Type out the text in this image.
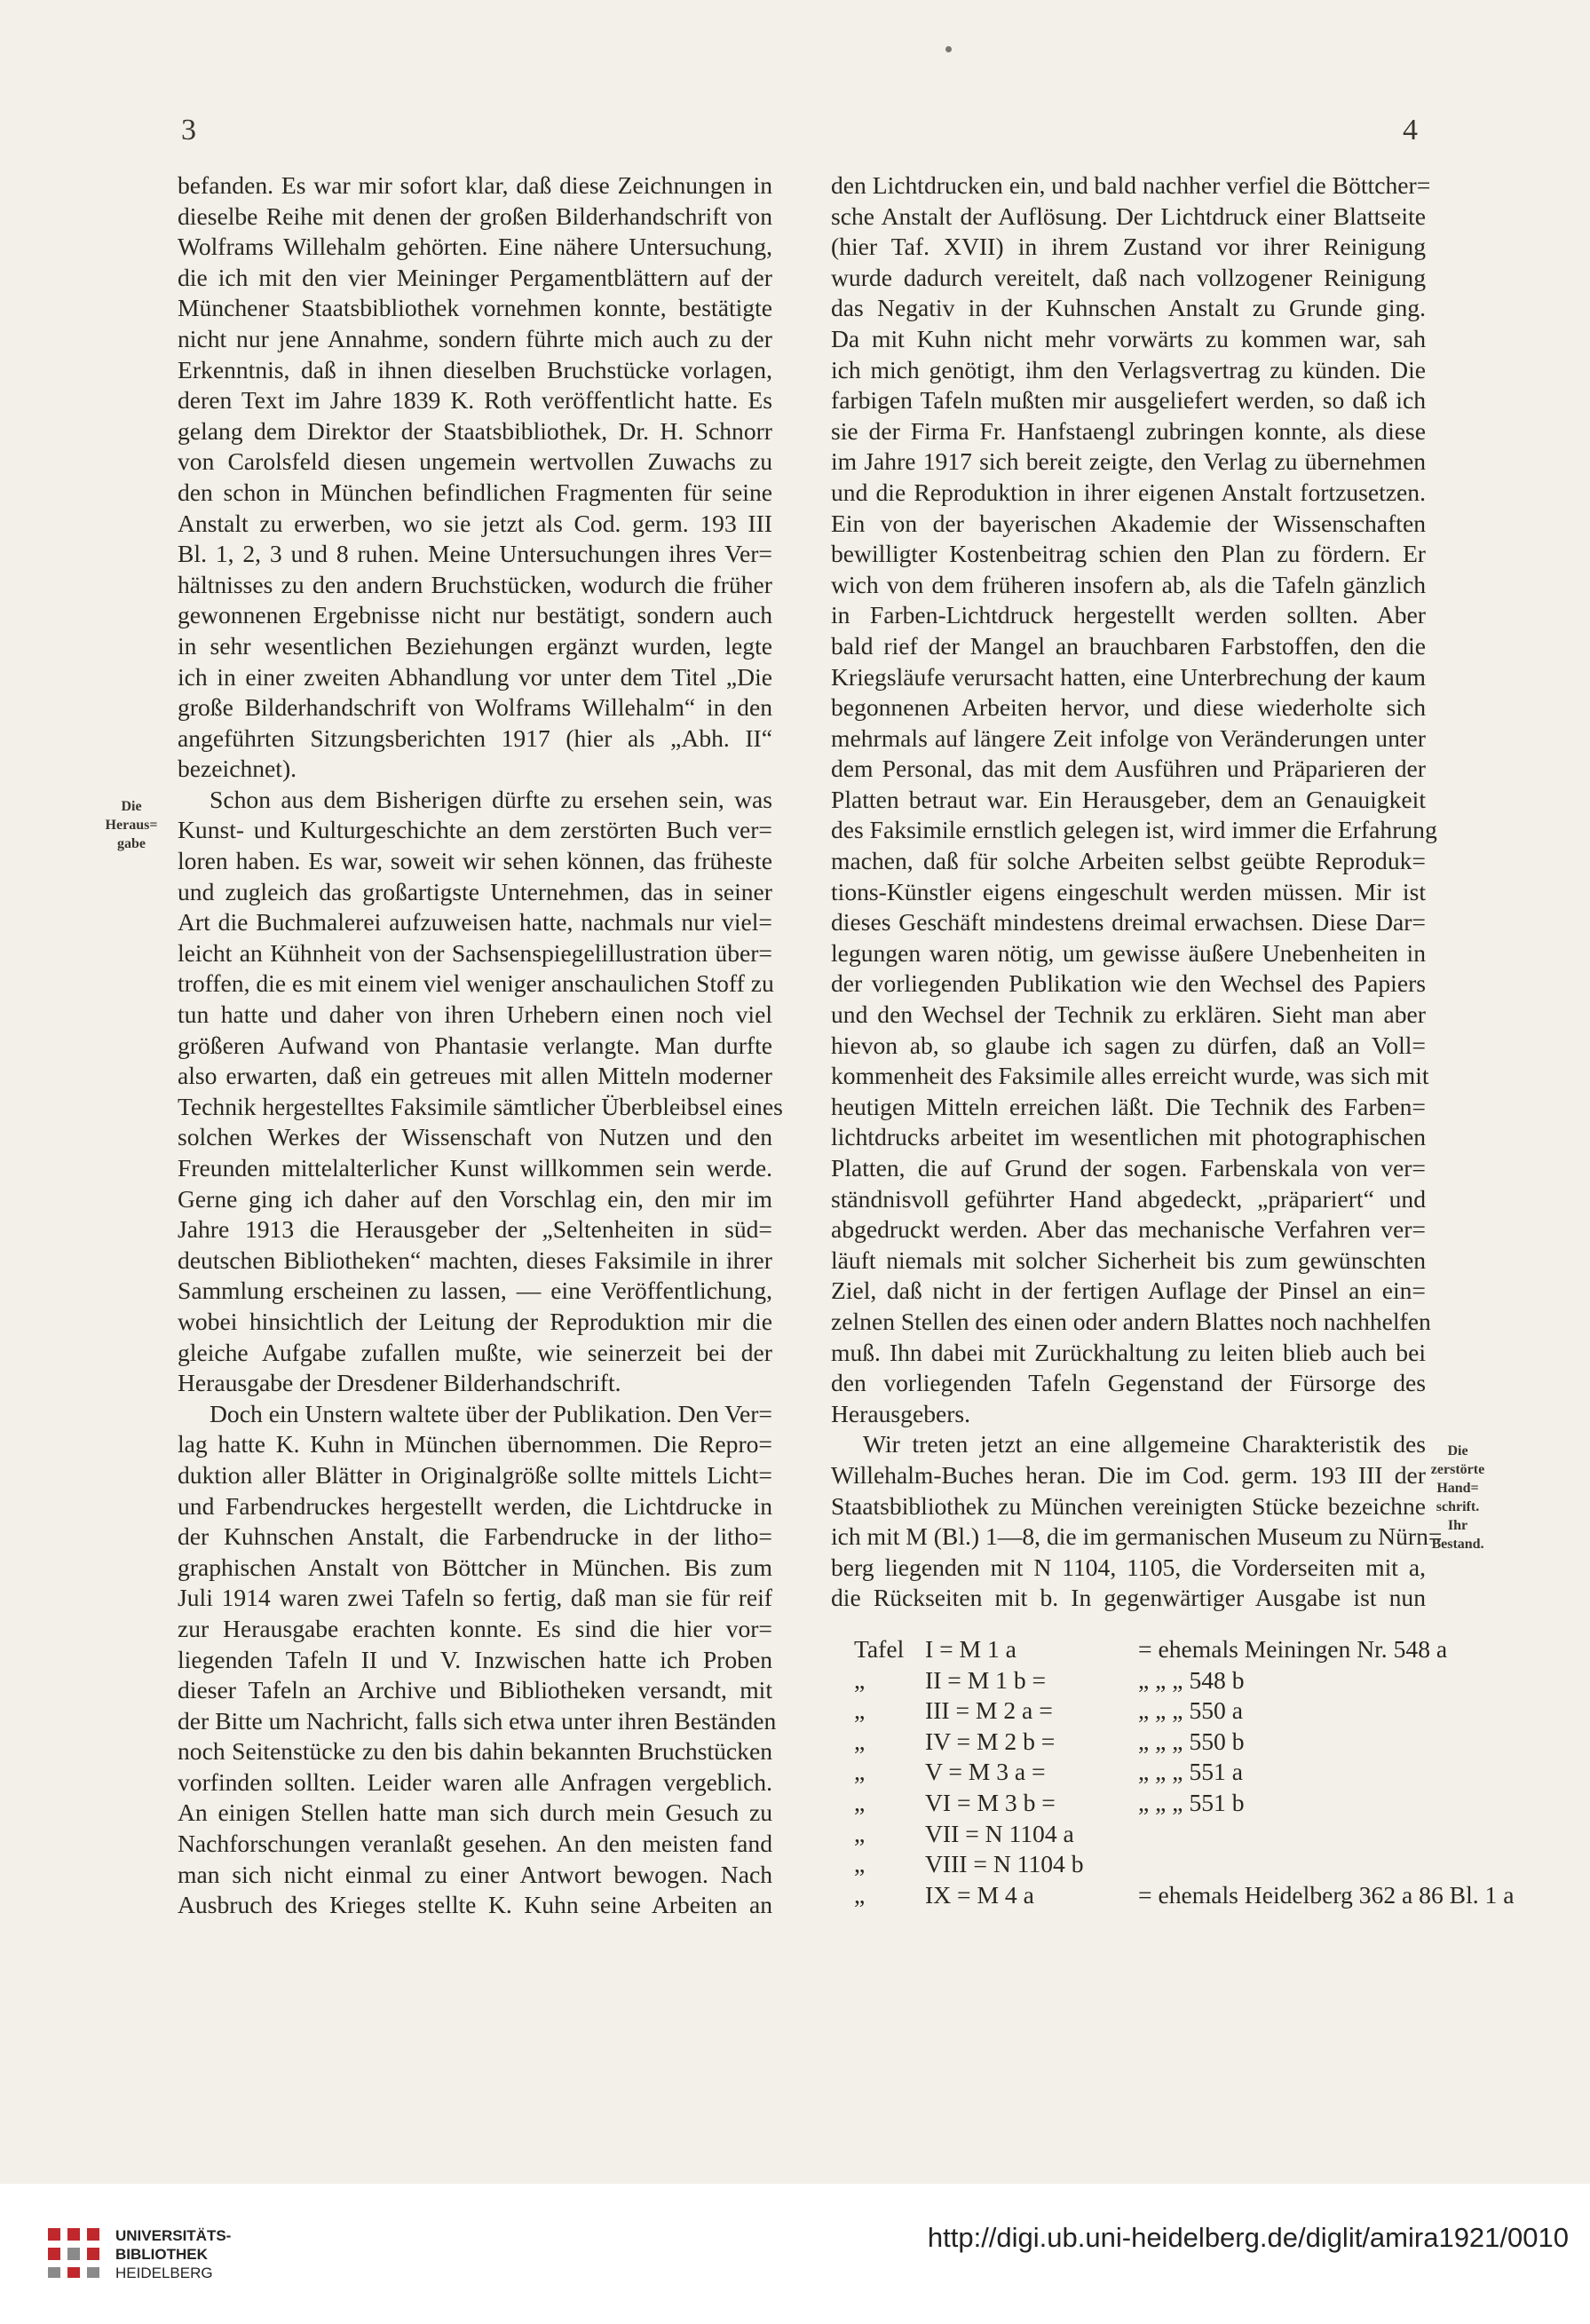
3	4
befanden. Es war mir sofort klar, daß diese Zeichnungen in
dieselbe Reihe mit denen der großen Bilderhandschrift von
Wolframs Willehalm gehörten. Eine nähere Untersuchung,
die ich mit den vier Meininger Pergamentblättern auf der
Münchener Staatsbibliothek vornehmen konnte, bestätigte
nicht nur jene Annahme, sondern führte mich auch zu der
Erkenntnis, daß in ihnen dieselben Bruchstücke vorlagen,
deren Text im Jahre 1839 K. Roth veröffentlicht hatte. Es
gelang dem Direktor der Staatsbibliothek, Dr. H. Schnorr
von Carolsfeld diesen ungemein wertvollen Zuwachs zu
den schon in München befindlichen Fragmenten für seine
Anstalt zu erwerben, wo sie jetzt als Cod. germ. 193 III
Bl. 1, 2, 3 und 8 ruhen. Meine Untersuchungen ihres Ver=
hältnisses zu den andern Bruchstücken, wodurch die früher
gewonnenen Ergebnisse nicht nur bestätigt, sondern auch
in sehr wesentlichen Beziehungen ergänzt wurden, legte
ich in einer zweiten Abhandlung vor unter dem Titel „Die
große Bilderhandschrift von Wolframs Willehalm“ in den
angeführten Sitzungsberichten 1917 (hier als „Abh. II“
bezeichnet).
Schon aus dem Bisherigen dürfte zu ersehen sein, was
Kunst- und Kulturgeschichte an dem zerstörten Buch ver=
loren haben. Es war, soweit wir sehen können, das früheste
und zugleich das großartigste Unternehmen, das in seiner
Art die Buchmalerei aufzuweisen hatte, nachmals nur viel=
leicht an Kühnheit von der Sachsenspiegelillustration über=
troffen, die es mit einem viel weniger anschaulichen Stoff zu
tun hatte und daher von ihren Urhebern einen noch viel
größeren Aufwand von Phantasie verlangte. Man durfte
also erwarten, daß ein getreues mit allen Mitteln moderner
Technik hergestelltes Faksimile sämtlicher Überbleibsel eines
solchen Werkes der Wissenschaft von Nutzen und den
Freunden mittelalterlicher Kunst willkommen sein werde.
Gerne ging ich daher auf den Vorschlag ein, den mir im
Jahre 1913 die Herausgeber der „Seltenheiten in süd=
deutschen Bibliotheken“ machten, dieses Faksimile in ihrer
Sammlung erscheinen zu lassen, — eine Veröffentlichung,
wobei hinsichtlich der Leitung der Reproduktion mir die
gleiche Aufgabe zufallen mußte, wie seinerzeit bei der
Herausgabe der Dresdener Bilderhandschrift.
Doch ein Unstern waltete über der Publikation. Den Ver=
lag hatte K. Kuhn in München übernommen. Die Repro=
duktion aller Blätter in Originalgröße sollte mittels Licht=
und Farbendruckes hergestellt werden, die Lichtdrucke in
der Kuhnschen Anstalt, die Farbendrucke in der litho=
graphischen Anstalt von Böttcher in München. Bis zum
Juli 1914 waren zwei Tafeln so fertig, daß man sie für reif
zur Herausgabe erachten konnte. Es sind die hier vor=
liegenden Tafeln II und V. Inzwischen hatte ich Proben
dieser Tafeln an Archive und Bibliotheken versandt, mit
der Bitte um Nachricht, falls sich etwa unter ihren Beständen
noch Seitenstücke zu den bis dahin bekannten Bruchstücken
vorfinden sollten. Leider waren alle Anfragen vergeblich.
An einigen Stellen hatte man sich durch mein Gesuch zu
Nachforschungen veranlaßt gesehen. An den meisten fand
man sich nicht einmal zu einer Antwort bewogen. Nach
Ausbruch des Krieges stellte K. Kuhn seine Arbeiten an
den Lichtdrucken ein, und bald nachher verfiel die Böttcher=
sche Anstalt der Auflösung. Der Lichtdruck einer Blattseite
(hier Taf. XVII) in ihrem Zustand vor ihrer Reinigung
wurde dadurch vereitelt, daß nach vollzogener Reinigung
das Negativ in der Kuhnschen Anstalt zu Grunde ging.
Da mit Kuhn nicht mehr vorwärts zu kommen war, sah
ich mich genötigt, ihm den Verlagsvertrag zu künden. Die
farbigen Tafeln mußten mir ausgeliefert werden, so daß ich
sie der Firma Fr. Hanfstaengl zubringen konnte, als diese
im Jahre 1917 sich bereit zeigte, den Verlag zu übernehmen
und die Reproduktion in ihrer eigenen Anstalt fortzusetzen.
Ein von der bayerischen Akademie der Wissenschaften
bewilligter Kostenbeitrag schien den Plan zu fördern. Er
wich von dem früheren insofern ab, als die Tafeln gänzlich
in Farben-Lichtdruck hergestellt werden sollten. Aber
bald rief der Mangel an brauchbaren Farbstoffen, den die
Kriegsläufe verursacht hatten, eine Unterbrechung der kaum
begonnenen Arbeiten hervor, und diese wiederholte sich
mehrmals auf längere Zeit infolge von Veränderungen unter
dem Personal, das mit dem Ausführen und Präparieren der
Platten betraut war. Ein Herausgeber, dem an Genauigkeit
des Faksimile ernstlich gelegen ist, wird immer die Erfahrung
machen, daß für solche Arbeiten selbst geübte Reproduk=
tions-Künstler eigens eingeschult werden müssen. Mir ist
dieses Geschäft mindestens dreimal erwachsen. Diese Dar=
legungen waren nötig, um gewisse äußere Unebenheiten in
der vorliegenden Publikation wie den Wechsel des Papiers
und den Wechsel der Technik zu erklären. Sieht man aber
hievon ab, so glaube ich sagen zu dürfen, daß an Voll=
kommenheit des Faksimile alles erreicht wurde, was sich mit
heutigen Mitteln erreichen läßt. Die Technik des Farben=
lichtdrucks arbeitet im wesentlichen mit photographischen
Platten, die auf Grund der sogen. Farbenskala von ver=
ständnisvoll geführter Hand abgedeckt, „präpariert“ und
abgedruckt werden. Aber das mechanische Verfahren ver=
läuft niemals mit solcher Sicherheit bis zum gewünschten
Ziel, daß nicht in der fertigen Auflage der Pinsel an ein=
zelnen Stellen des einen oder andern Blattes noch nachhelfen
muß. Ihn dabei mit Zurückhaltung zu leiten blieb auch bei
den vorliegenden Tafeln Gegenstand der Fürsorge des
Herausgebers.
Wir treten jetzt an eine allgemeine Charakteristik des
Willehalm-Buches heran. Die im Cod. germ. 193 III der
Staatsbibliothek zu München vereinigten Stücke bezeichne
ich mit M (Bl.) 1—8, die im germanischen Museum zu Nürn=
berg liegenden mit N 1104, 1105, die Vorderseiten mit a,
die Rückseiten mit b. In gegenwärtiger Ausgabe ist nun
Die
Heraus=
gabe
Die
zerstörte
Hand=
schrift.
Ihr
Bestand.
Tafel I = M 1 a	= ehemals Meiningen Nr. 548 a
„	II = M 1 b =	„ „ „ 548 b
„	III = M 2 a =	„ „ „ 550 a
„	IV = M 2 b =	„ „ „ 550 b
„	V = M 3 a =	„ „ „ 551 a
„	VI = M 3 b =	„ „ „ 551 b
„	VII = N 1104 a
„	VIII = N 1104 b
„	IX = M 4 a	= ehemals Heidelberg 362 a 86 Bl. 1 a
UNIVERSITÄTS-
BIBLIOTHEK
HEIDELBERG
http://digi.ub.uni-heidelberg.de/diglit/amira1921/0010
